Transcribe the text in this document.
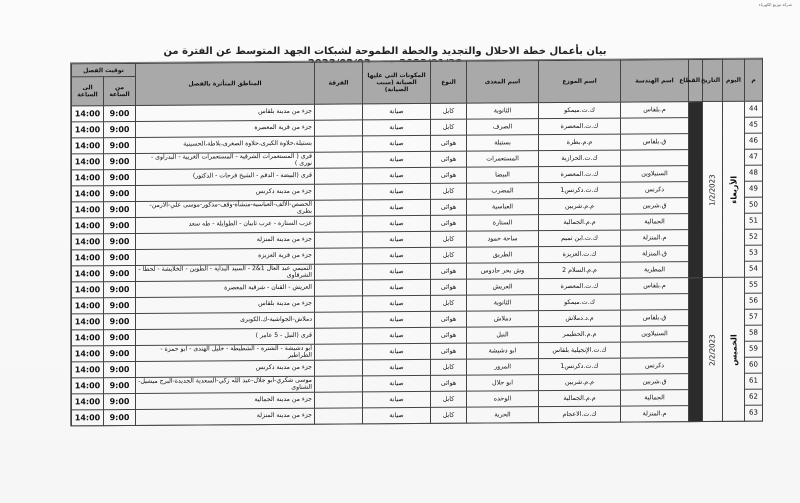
شركة توزيع الكهرباء
بيان بأعمال خطة الاحلال والتجديد والخطة الطموحة لشبكات الجهد المتوسط عن الفترة من
م	اليوم	التاريخ	القطاع	اسم الهندسة	اسم الموزع	اسم المغذى	النوع	المكونات التي عليها الصيانة (سبب الصيانة)	الفرقة	المناطق المتأثرة بالفصل	توقيت الفصل	
											من الساعة	الى الساعة
44	الأربعاء	1/2/2023		م.بلقاس	ك.ت.ميمكو	الثانوية	كابل	صيانة		جزء من مدينة بلقاس	9:00	14:00
45					ك.ت.المعصرة	الصرف	كابل	صيانة		جزء من قرية المعصرة	9:00	14:00
46				ق.بلقاس	م.م.بطرة	بستيلة	هوائى	صيانة		بستيلة،حلاوة الكبرى،حلاوة الصغرى،بلاطة،الحسينية	9:00	14:00
47					ك.ت.الحرازية	المستعمرات	هوائى	صيانة		قرى ( المستعمرات الشرقية - المستعمرات الغربية - البدراوى - نورى )	9:00	14:00
48				السنبلاوين	ك.ت.المعصرة	البيضا	هوائى	صيانة		قرى (البيضة - الدقم - الشيخ فرحات - الدكتور)	9:00	14:00
49				دكرنس	ك.ت.دكرنس1	المضرب	كابل	صيانة		جزء من مدينة دكرنس	9:00	14:00
50				ق.شربين	م.م.شربين	العباسية	هوائى	صيانة		الحصص-الألف-العباسية-منشأة-وقف-مدكور-موسى علي-الارمن-بطرى	9:00	14:00
51				الجمالية	م.م.الجمالية	الستارة	هوائى	صيانة		عزب الستارة - عرب ثابيان - الطوايلة - طه سعد	9:00	14:00
52				م.المنزلة	ك.ت.ابن تميم	ساحة حمود	كابل	صيانة		جزء من مدينة المنزلة	9:00	14:00
53				ق.المنزلة	ك.ت.العزيزة	الطريق	كابل	صيانة		جزء من قرية العزيزة	9:00	14:00
54				المطرية	م.م.السلام 2	وش بحر حادوس	هوائى	صيانة		التميمي عبد العال 1&2 - السيد البداية - الطوين - الخلايشة - لحطا - الشرقاوى	9:00	14:00
55	الخميس	2/2/2023		م.بلقاس	ك.ت.المعصرة	العريش	هوائى	صيانة		العريش - القنان - شرقية المعصرة	9:00	14:00
56					ك.ت.ميمكو	الثانوية	كابل	صيانة		جزء من مدينة بلقاس	9:00	14:00
57				ق.بلقاس	م.د.دملاش	دملاش	هوائى	صيانة		دملاش-الجواشية-ك.الكوبرى	9:00	14:00
58				السنبلاوين	م.م.الحطيمر	النيل	هوائى	صيانة		قرى (النيل - 5 عامر )	9:00	14:00
59					ك.ت.الإنجيلية بلقاس	ابو دشيشة	هوائى	صيانة		ابو دشيشة - الشترة - الشطيطة - خليل الهندى - ابو حمزة - الطراطير	9:00	14:00
60				دكرنس	ك.ت.دكرنس1	المرور	كابل	صيانة		جزء من مدينة دكرنس	9:00	14:00
61				ق.شربين	م.م.شربين	ابو جلال	هوائى	صيانة		موسى شكري-ابو جلال-عبد الله زكي-السعدية الجديدة-البرج ميشيل-الشناوى	9:00	14:00
62				الجمالية	م.م.الجمالية	الوحده	كابل	صيانة		جزء من مدينة الجمالية	9:00	14:00
63				م.المنزلة	ك.ت.الاعجام	الحرية	كابل	صيانة		جزء من مدينة المنزلة	9:00	14:00
